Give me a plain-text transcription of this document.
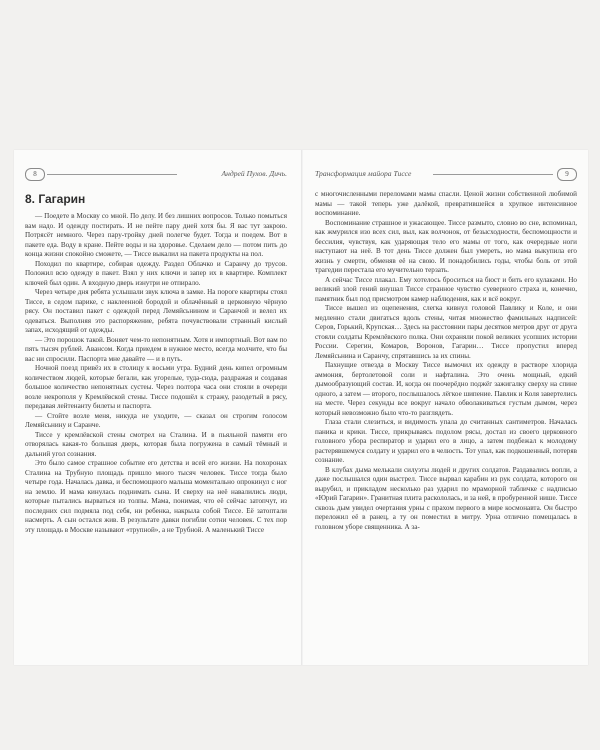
8	Андрей Пухов. Дичь.
8. Гагарин

— Поедете в Москву со мной. По делу. И без лишних вопросов. Только помыться вам надо. И одежду постирать. И не пейте пару дней хотя бы. Я вас тут закрою. Потрясёт немного. Через пару-тройку дней полегче будет. Тогда и поедем. Вот в пакете еда. Воду в кране. Пейте воды и на здоровье. Сделаем дело — потом пить до конца жизни спокойно сможете, — Тиссе выкалил на пакета продукты на пол.

Походил по квартире, собирая одежду. Раздел Облачко и Саранчу до трусов. Положил всю одежду в пакет. Взял у них ключи и запер их в квартире. Комплект ключей был один. А входную дверь изнутри не отпирало.

Через четыре дня ребята услышали звук ключа в замке. На пороге квартиры стоял Тиссе, в седом парике, с наклеенной бородой и облачённый в церковную чёрную рясу. Он поставил пакет с одеждой перед Лемяйсьнином и Саранчой и велел их одеваться. Выполняя это распоряжение, ребята почувствовали странный кислый запах, исходящий от одежды.

— Это порошок такой. Воняет чем-то непонятным. Хотя и импортный. Вот вам по пять тысяч рублей. Авансом. Когда приедем в нужное место, всегда молчите, что бы вас ни спросили. Паспорта мне давайте — и в путь.

Ночной поезд привёз их в столицу к восьми утра. Будний день кипел огромным количеством людей, которые бегали, как угорелые, туда-сюда, раздражая и создавая большое количество непонятных сустеы. Через полтора часа они стояли в очереди возле некрополя у Кремлёвской стены. Тиссе подошёл к стражу, разодетый в рясу, передавая лейтенанту билеты и паспорта.

— Стойте возле меня, никуда не уходите, — сказал он строгим голосом Лемяйсьнину и Саранче.

Тиссе у кремлёвской стены смотрел на Сталина. И в пьяльной памяти его отворялась какая-то большая дверь, которая была погружена в самый тёмный и дальний угол сознания.

Это было самое страшное событие его детства и всей его жизни. На похоронах Сталина на Трубную площадь пришло много тысяч человек. Тиссе тогда было четыре года. Началась давка, и беспомощного мальша моментально опрокинул с ног на землю. И мама кинулась поднимать сына. И сверху на неё навалились люди, которые пытались вырваться из толпы. Мама, понимая, что её сейчас затопчут, из последних сил подмяла под себя, ни ребенка, накрыла собой Тиссе. Её затоптали насмерть. А сын остался жив. В результате давки погибли сотни человек. С тех пор эту площадь в Москве называют «трупной», а не Трубной. А маленький Тиссе

Трансформация майора Тиссе	9

с многочисленными переломами мамы спасли. Ценой жизни собственной любимой мамы — такой теперь уже далёкой, превратившейся в хрупкое интенсивное воспоминание.

Воспоминание страшное и ужасающее. Тиссе размыто, словно во сне, вспоминал, как жмурился изо всех сил, выл, как волчонок, от безысходности, беспомощности и бессилия, чувствуя, как ударяющая тело его мамы от того, как очередные ноги наступают на неё. В тот день Тиссе должен был умереть, но мама выкупила его жизнь у смерти, обменяв её на свою. И понадобились годы, чтобы боль от этой трагедии перестала его мучительно терзать.

А сейчас Тиссе плакал. Ему хотелось броситься на бюст и бить его кулаками. Но великий злой гений внушал Тиссе странное чувство суеверного страха и, конечно, памятник был под присмотром камер наблюдения, как и всё вокруг.

Тиссе вышел из оцепенения, слегка кивнул головой Павлику и Коле, и они медленно стали двигаться вдоль стены, читая множество фамильных надписей: Серов, Горький, Крупская… Здесь на расстоянии пары десятков метров друг от друга стояли солдаты Кремлёвского полка. Они охраняли покой великих усопших истории России. Серегин, Комаров, Воронов, Гагарин… Тиссе пропустил вперед Лемяйсьнина и Саранчу, спрятавшись за их спины.

Пахнущие отвезда в Москву Тиссе вымочил их одежду в растворе хлорида аммония, бертолетовой соли и нафталина. Это очень мощный, едкий дымообразующий состав. И, когда он поочерёдно поджёг зажигалку сверху на спине одного, а затем — второго, послышалось лёгкое шипение. Павлик и Коля завертелись на месте. Через секунды все вокруг начало обволакиваться густым дымом, через который невозможно было что-то разглядеть.

Глаза стали слезиться, и видимость упала до считанных сантиметров. Началась паника и крики. Тиссе, прикрываясь подолом рясы, достал из своего церковного головного убора респиратор и ударил его в лицо, а затем подбежал к молодому растерявшемуся солдату и ударил его в челюсть. Тот упал, как подкошенный, потеряв сознание.

В клубах дыма мелькали силуэты людей и других солдатов. Раздавались вопли, а даже послышался один выстрел. Тиссе вырвал карабин из рук солдата, которого он вырубил, и прикладом несколько раз ударил по мраморной табличке с надписью «Юрий Гагарин». Гранитная плита раскололась, и за ней, в пробуренной нише. Тиссе сквозь дым увидел очертания урны с прахом первого в мире космонавта. Он быстро переложил её в ранец, а ту он поместил в митру. Урна отлично помещалась в головном уборе священника. А за-
